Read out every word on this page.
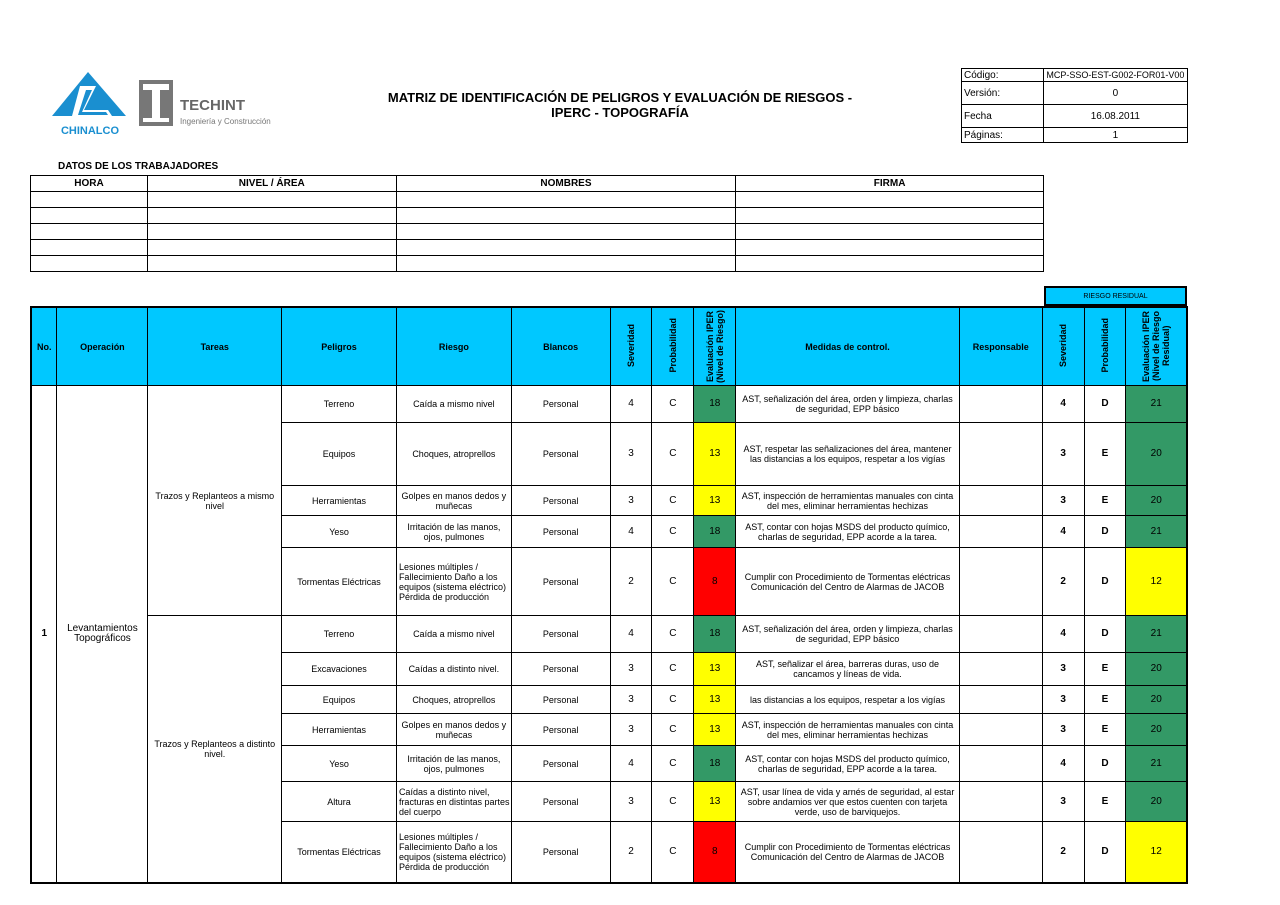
CHINALCO
TECHINT
Ingeniería y Construcción
MATRIZ DE IDENTIFICACIÓN DE PELIGROS Y EVALUACIÓN DE RIESGOS -
IPERC - TOPOGRAFÍA
Código:	MCP-SSO-EST-G002-FOR01-V00
Versión:	0
Fecha	16.08.2011
Páginas:	1
DATOS DE LOS TRABAJADORES
HORA	NIVEL / ÁREA	NOMBRES	FIRMA

RIESGO RESIDUAL
No.	Operación	Tareas	Peligros	Riesgo	Blancos	Severidad	Probabilidad	Evaluación IPER (Nivel de Riesgo)	Medidas de control.	Responsable	Severidad	Probabilidad	Evaluación IPER (Nivel de Riesgo Residual)
1	Levantamientos Topográficos	Trazos y Replanteos a mismo nivel	Terreno	Caída a mismo nivel	Personal	4	C	18	AST, señalización del área, orden y limpieza, charlas de seguridad, EPP básico		4	D	21
			Equipos	Choques, atroprellos	Personal	3	C	13	AST, respetar las señalizaciones del área, mantener las distancias a los equipos, respetar a los vigías		3	E	20
			Herramientas	Golpes en manos dedos y muñecas	Personal	3	C	13	AST, inspección de herramientas manuales con cinta del mes, eliminar herramientas hechizas		3	E	20
			Yeso	Irritación de las manos, ojos, pulmones	Personal	4	C	18	AST, contar con hojas MSDS del producto químico, charlas de seguridad, EPP acorde a la tarea.		4	D	21
			Tormentas Eléctricas	Lesiones múltiples / Fallecimiento Daño a los equipos (sistema eléctrico) Pérdida de producción	Personal	2	C	8	Cumplir con Procedimiento de Tormentas eléctricas Comunicación del Centro de Alarmas de JACOB		2	D	12
		Trazos y Replanteos a distinto nivel.	Terreno	Caída a mismo nivel	Personal	4	C	18	AST, señalización del área, orden y limpieza, charlas de seguridad, EPP básico		4	D	21
			Excavaciones	Caídas a distinto nivel.	Personal	3	C	13	AST, señalizar el área, barreras duras, uso de cancamos y líneas de vida.		3	E	20
			Equipos	Choques, atroprellos	Personal	3	C	13	las distancias a los equipos, respetar a los vigías		3	E	20
			Herramientas	Golpes en manos dedos y muñecas	Personal	3	C	13	AST, inspección de herramientas manuales con cinta del mes, eliminar herramientas hechizas		3	E	20
			Yeso	Irritación de las manos, ojos, pulmones	Personal	4	C	18	AST, contar con hojas MSDS del producto químico, charlas de seguridad, EPP acorde a la tarea.		4	D	21
			Altura	Caídas a distinto nivel, fracturas en distintas partes del cuerpo	Personal	3	C	13	AST, usar línea de vida y arnés de seguridad, al estar sobre andamios ver que estos cuenten con tarjeta verde, uso de barviquejos.		3	E	20
			Tormentas Eléctricas	Lesiones múltiples / Fallecimiento Daño a los equipos (sistema eléctrico) Pérdida de producción	Personal	2	C	8	Cumplir con Procedimiento de Tormentas eléctricas Comunicación del Centro de Alarmas de JACOB		2	D	12
